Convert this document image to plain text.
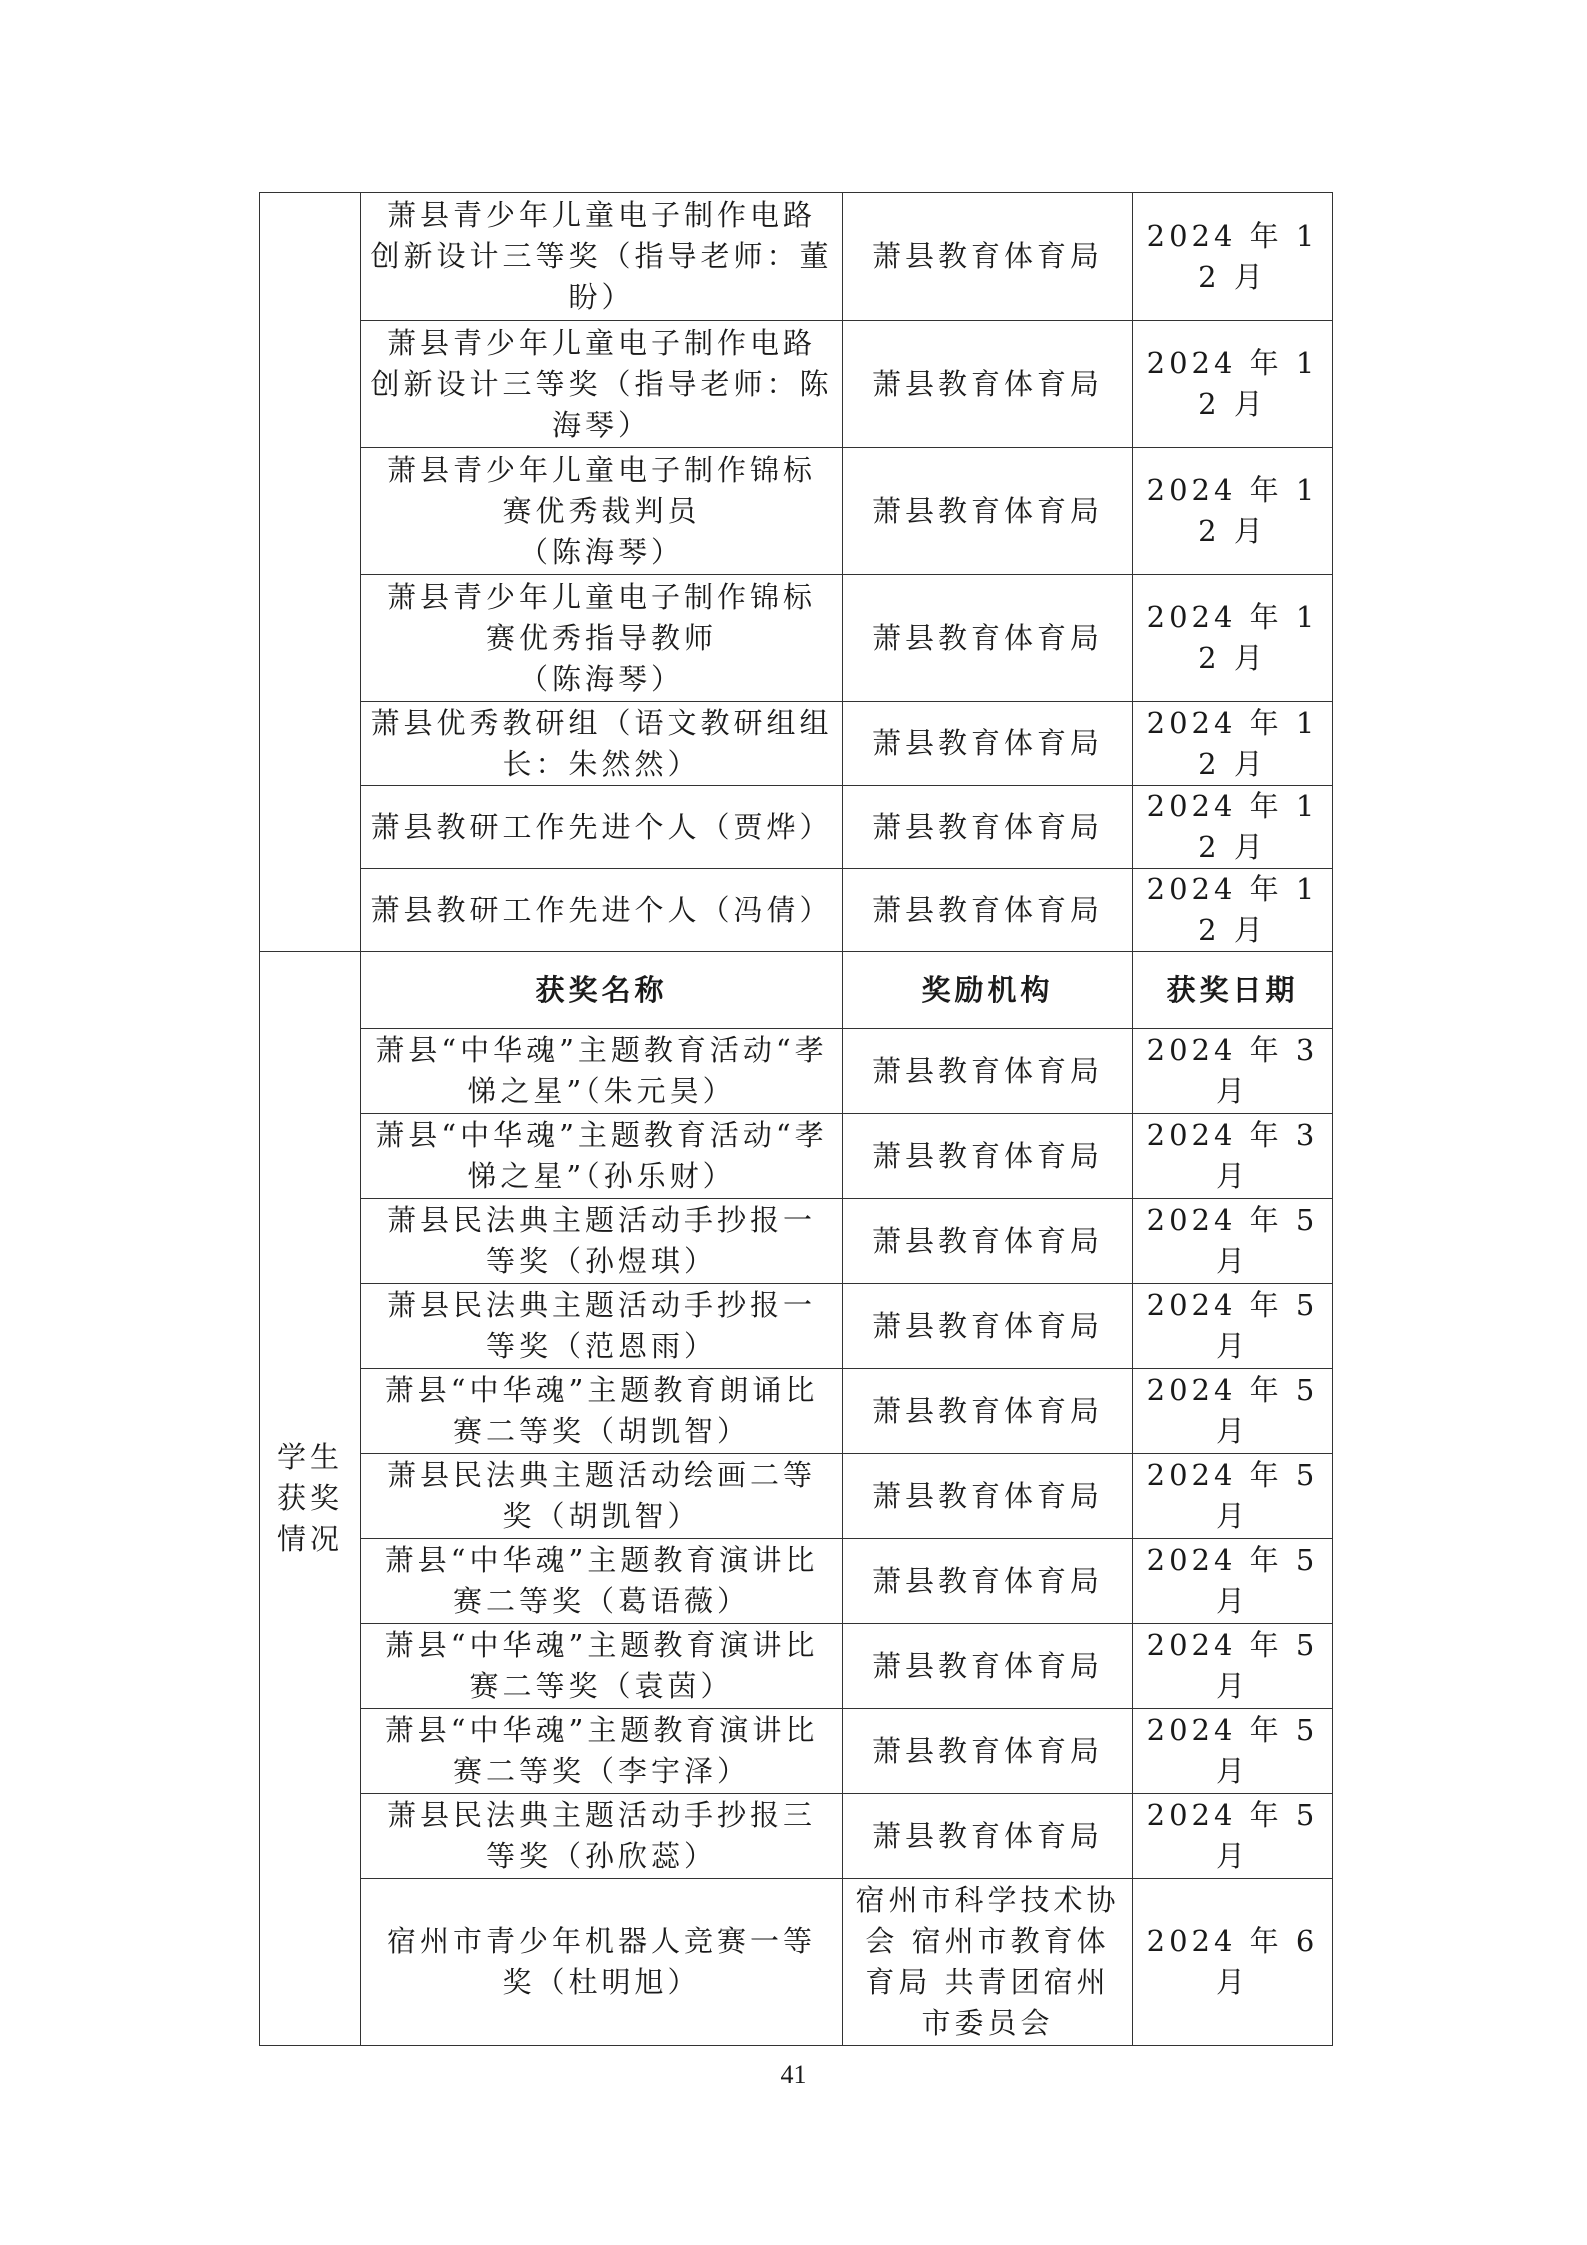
	萧县青少年儿童电子制作电路
创新设计三等奖（指导老师：董
盼）	萧县教育体育局	2024 年 12 月

	萧县青少年儿童电子制作电路
创新设计三等奖（指导老师：陈
海琴）	萧县教育体育局	2024 年 12 月

	萧县青少年儿童电子制作锦标
赛优秀裁判员
（陈海琴）	萧县教育体育局	2024 年 12 月

	萧县青少年儿童电子制作锦标
赛优秀指导教师
（陈海琴）	萧县教育体育局	2024 年 12 月

	萧县优秀教研组（语文教研组组
长：朱然然）	萧县教育体育局	2024 年 12 月

	萧县教研工作先进个人（贾烨）	萧县教育体育局	2024 年 12 月

	萧县教研工作先进个人（冯倩）	萧县教育体育局	2024 年 12 月

学生
获奖
情况	获奖名称	奖励机构	获奖日期

	萧县“中华魂”主题教育活动“孝
悌之星”（朱元昊）	萧县教育体育局	2024 年 3 月

	萧县“中华魂”主题教育活动“孝
悌之星”（孙乐财）	萧县教育体育局	2024 年 3 月

	萧县民法典主题活动手抄报一
等奖（孙煜琪）	萧县教育体育局	2024 年 5 月

	萧县民法典主题活动手抄报一
等奖（范恩雨）	萧县教育体育局	2024 年 5 月

	萧县“中华魂”主题教育朗诵比
赛二等奖（胡凯智）	萧县教育体育局	2024 年 5 月

	萧县民法典主题活动绘画二等
奖（胡凯智）	萧县教育体育局	2024 年 5 月

	萧县“中华魂”主题教育演讲比
赛二等奖（葛语薇）	萧县教育体育局	2024 年 5 月

	萧县“中华魂”主题教育演讲比
赛二等奖（袁茵）	萧县教育体育局	2024 年 5 月

	萧县“中华魂”主题教育演讲比
赛二等奖（李宇泽）	萧县教育体育局	2024 年 5 月

	萧县民法典主题活动手抄报三
等奖（孙欣蕊）	萧县教育体育局	2024 年 5 月

	宿州市青少年机器人竞赛一等
奖（杜明旭）	宿州市科学技术协
会 宿州市教育体
育局 共青团宿州
市委员会	2024 年 6 月
41
